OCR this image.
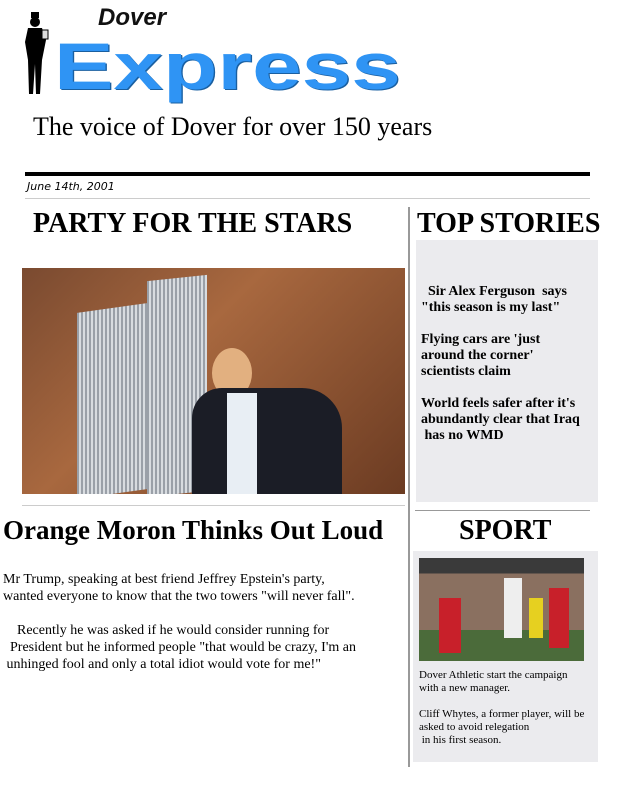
Dover
Express
The voice of Dover for over 150 years
June 14th, 2001
PARTY FOR THE STARS TOP STORIES
Sir Alex Ferguson  says
"this season is my last"
Flying cars are 'just
around the corner'
scientists claim
World feels safer after it's
abundantly clear that Iraq
has no WMD
Orange Moron Thinks Out Loud
Mr Trump, speaking at best friend Jeffrey Epstein's party,
wanted everyone to know that the two towers "will never fall".
Recently he was asked if he would consider running for
President but he informed people "that would be crazy, I'm an
unhinged fool and only a total idiot would vote for me!"
SPORT
Dover Athletic start the campaign
with a new manager.
Cliff Whytes, a former player, will be
asked to avoid relegation
in his first season.
